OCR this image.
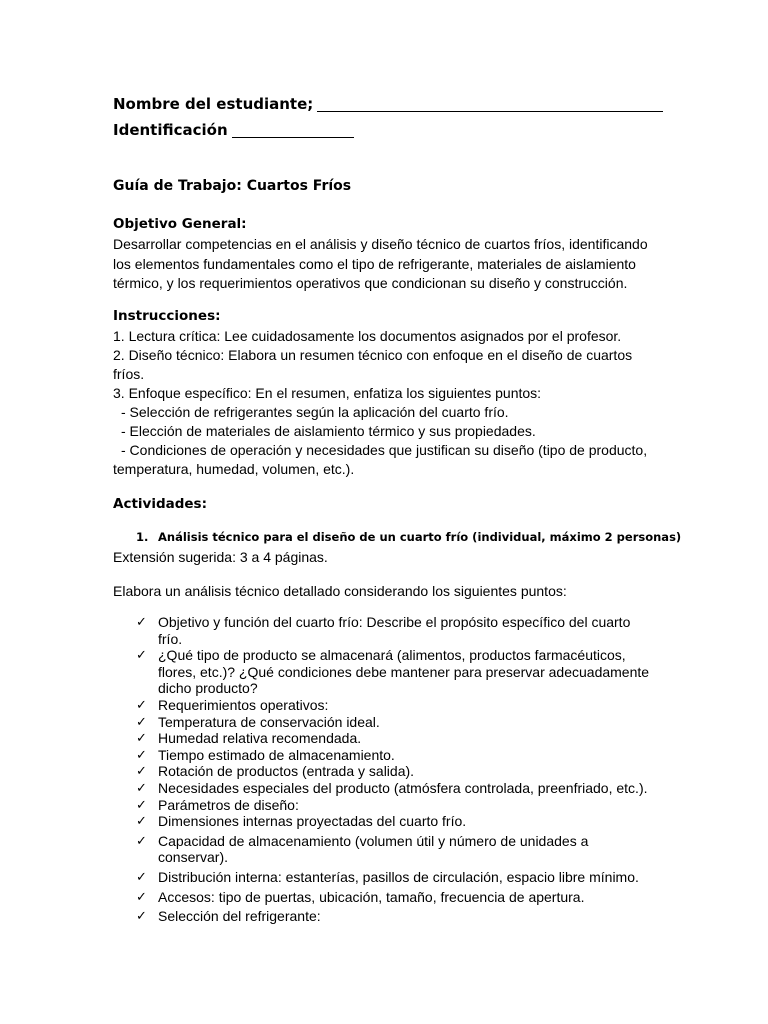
Nombre del estudiante;
Identificación
Guía de Trabajo: Cuartos Fríos
Objetivo General:

Desarrollar competencias en el análisis y diseño técnico de cuartos fríos, identificando

los elementos fundamentales como el tipo de refrigerante, materiales de aislamiento

térmico, y los requerimientos operativos que condicionan su diseño y construcción.

Instrucciones:

1. Lectura crítica: Lee cuidadosamente los documentos asignados por el profesor.

2. Diseño técnico: Elabora un resumen técnico con enfoque en el diseño de cuartos

fríos.

3. Enfoque específico: En el resumen, enfatiza los siguientes puntos:

- Selección de refrigerantes según la aplicación del cuarto frío.

- Elección de materiales de aislamiento térmico y sus propiedades.

- Condiciones de operación y necesidades que justifican su diseño (tipo de producto,

temperatura, humedad, volumen, etc.).

Actividades:
1. Análisis técnico para el diseño de un cuarto frío (individual, máximo 2 personas)
Extensión sugerida: 3 a 4 páginas.
Elabora un análisis técnico detallado considerando los siguientes puntos:
✓ Objetivo y función del cuarto frío: Describe el propósito específico del cuarto frío.
✓ ¿Qué tipo de producto se almacenará (alimentos, productos farmacéuticos, flores, etc.)? ¿Qué condiciones debe mantener para preservar adecuadamente dicho producto?
✓ Requerimientos operativos:
✓ Temperatura de conservación ideal.
✓ Humedad relativa recomendada.
✓ Tiempo estimado de almacenamiento.
✓ Rotación de productos (entrada y salida).
✓ Necesidades especiales del producto (atmósfera controlada, preenfriado, etc.).
✓ Parámetros de diseño:
✓ Dimensiones internas proyectadas del cuarto frío.
✓ Capacidad de almacenamiento (volumen útil y número de unidades a conservar).
✓ Distribución interna: estanterías, pasillos de circulación, espacio libre mínimo.
✓ Accesos: tipo de puertas, ubicación, tamaño, frecuencia de apertura.
✓ Selección del refrigerante:
